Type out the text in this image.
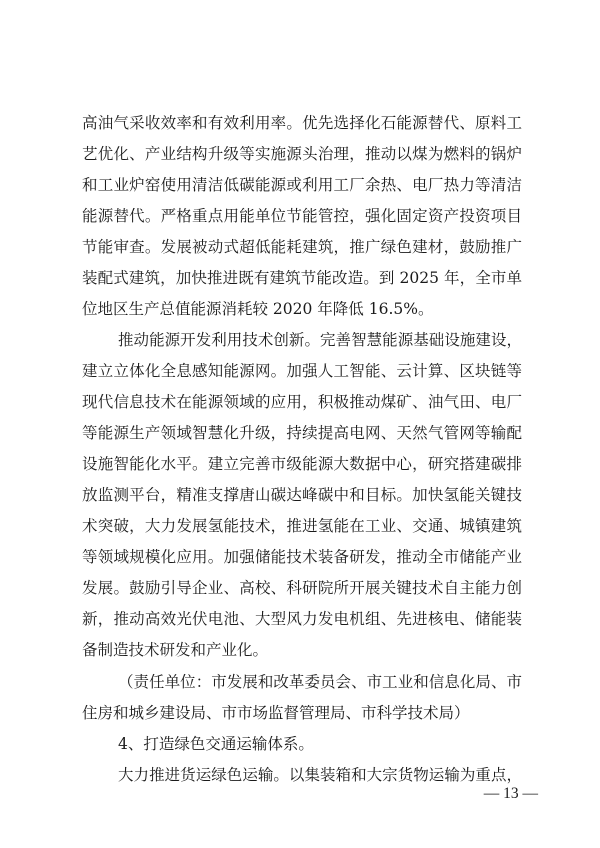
高油气采收效率和有效利用率。优先选择化石能源替代、原料工
艺优化、产业结构升级等实施源头治理，推动以煤为燃料的锅炉
和工业炉窑使用清洁低碳能源或利用工厂余热、电厂热力等清洁
能源替代。严格重点用能单位节能管控，强化固定资产投资项目
节能审查。发展被动式超低能耗建筑，推广绿色建材，鼓励推广
装配式建筑，加快推进既有建筑节能改造。到 2025 年，全市单
位地区生产总值能源消耗较 2020 年降低 16.5%。
推动能源开发利用技术创新。完善智慧能源基础设施建设，
建立立体化全息感知能源网。加强人工智能、云计算、区块链等
现代信息技术在能源领域的应用，积极推动煤矿、油气田、电厂
等能源生产领域智慧化升级，持续提高电网、天然气管网等输配
设施智能化水平。建立完善市级能源大数据中心，研究搭建碳排
放监测平台，精准支撑唐山碳达峰碳中和目标。加快氢能关键技
术突破，大力发展氢能技术，推进氢能在工业、交通、城镇建筑
等领域规模化应用。加强储能技术装备研发，推动全市储能产业
发展。鼓励引导企业、高校、科研院所开展关键技术自主能力创
新，推动高效光伏电池、大型风力发电机组、先进核电、储能装
备制造技术研发和产业化。
（责任单位：市发展和改革委员会、市工业和信息化局、市
住房和城乡建设局、市市场监督管理局、市科学技术局）
4、打造绿色交通运输体系。
大力推进货运绿色运输。以集装箱和大宗货物运输为重点，
— 13 —
